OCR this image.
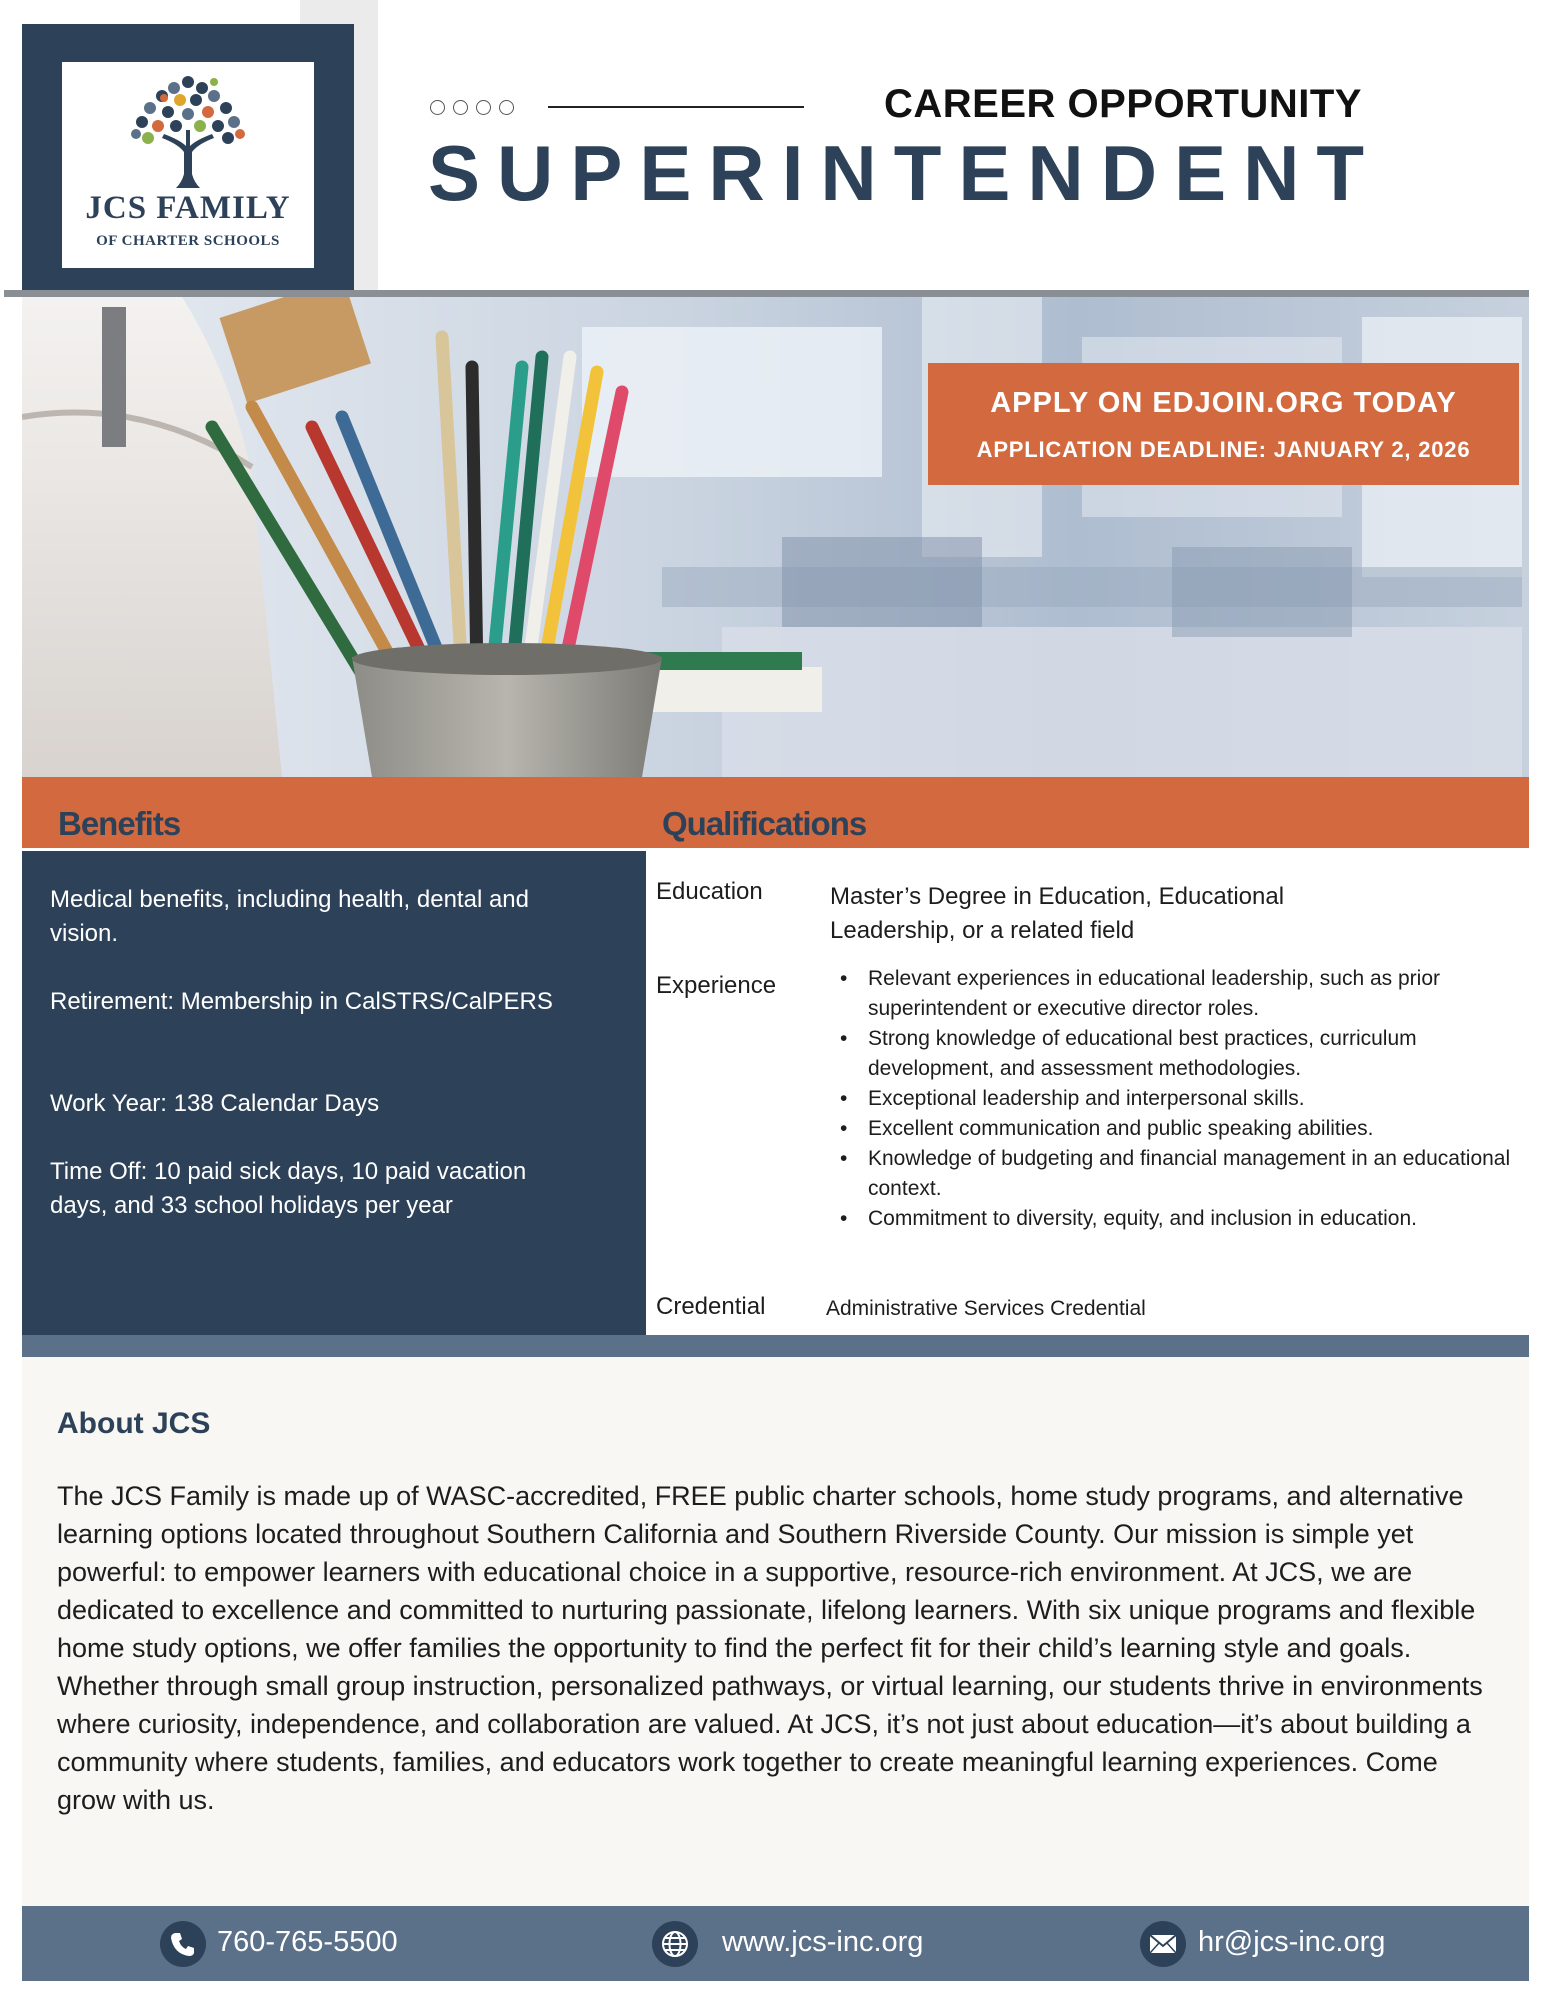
JCS FAMILY
OF CHARTER SCHOOLS
CAREER OPPORTUNITY
SUPERINTENDENT
APPLY ON EDJOIN.ORG TODAY
APPLICATION DEADLINE: JANUARY 2, 2026
Benefits	Qualifications
Medical benefits, including health, dental and vision.
Retirement: Membership in CalSTRS/CalPERS
Work Year: 138 Calendar Days
Time Off: 10 paid sick days, 10 paid vacation days, and 33 school holidays per year
Education	Master’s Degree in Education, Educational Leadership, or a related field
Experience	• Relevant experiences in educational leadership, such as prior superintendent or executive director roles.
• Strong knowledge of educational best practices, curriculum development, and assessment methodologies.
• Exceptional leadership and interpersonal skills.
• Excellent communication and public speaking abilities.
• Knowledge of budgeting and financial management in an educational context.
• Commitment to diversity, equity, and inclusion in education.
Credential	Administrative Services Credential
About JCS
The JCS Family is made up of WASC-accredited, FREE public charter schools, home study programs, and alternative learning options located throughout Southern California and Southern Riverside County. Our mission is simple yet powerful: to empower learners with educational choice in a supportive, resource-rich environment. At JCS, we are dedicated to excellence and committed to nurturing passionate, lifelong learners. With six unique programs and flexible home study options, we offer families the opportunity to find the perfect fit for their child’s learning style and goals. Whether through small group instruction, personalized pathways, or virtual learning, our students thrive in environments where curiosity, independence, and collaboration are valued. At JCS, it’s not just about education—it’s about building a community where students, families, and educators work together to create meaningful learning experiences. Come grow with us.
760-765-5500	www.jcs-inc.org	hr@jcs-inc.org
